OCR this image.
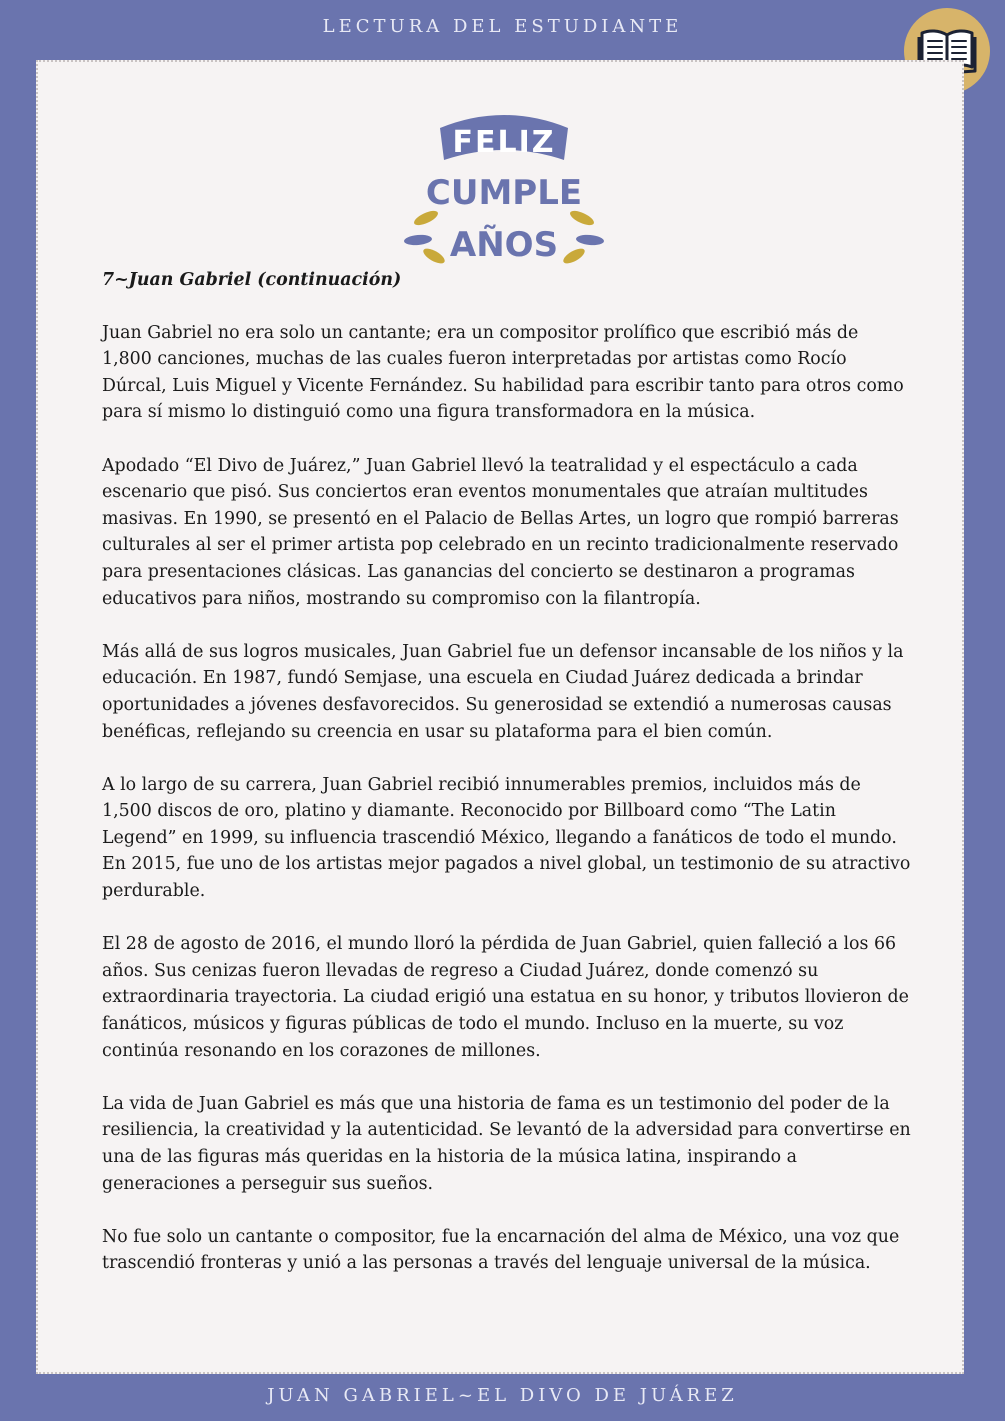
LECTURA DEL ESTUDIANTE
FELIZ
CUMPLE
AÑOS
7~Juan Gabriel (continuación)

Juan Gabriel no era solo un cantante; era un compositor prolífico que escribió más de 1,800 canciones, muchas de las cuales fueron interpretadas por artistas como Rocío Dúrcal, Luis Miguel y Vicente Fernández. Su habilidad para escribir tanto para otros como para sí mismo lo distinguió como una figura transformadora en la música.

Apodado “El Divo de Juárez,” Juan Gabriel llevó la teatralidad y el espectáculo a cada escenario que pisó. Sus conciertos eran eventos monumentales que atraían multitudes masivas. En 1990, se presentó en el Palacio de Bellas Artes, un logro que rompió barreras culturales al ser el primer artista pop celebrado en un recinto tradicionalmente reservado para presentaciones clásicas. Las ganancias del concierto se destinaron a programas educativos para niños, mostrando su compromiso con la filantropía.

Más allá de sus logros musicales, Juan Gabriel fue un defensor incansable de los niños y la educación. En 1987, fundó Semjase, una escuela en Ciudad Juárez dedicada a brindar oportunidades a jóvenes desfavorecidos. Su generosidad se extendió a numerosas causas benéficas, reflejando su creencia en usar su plataforma para el bien común.

A lo largo de su carrera, Juan Gabriel recibió innumerables premios, incluidos más de 1,500 discos de oro, platino y diamante. Reconocido por Billboard como “The Latin Legend” en 1999, su influencia trascendió México, llegando a fanáticos de todo el mundo. En 2015, fue uno de los artistas mejor pagados a nivel global, un testimonio de su atractivo perdurable.

El 28 de agosto de 2016, el mundo lloró la pérdida de Juan Gabriel, quien falleció a los 66 años. Sus cenizas fueron llevadas de regreso a Ciudad Juárez, donde comenzó su extraordinaria trayectoria. La ciudad erigió una estatua en su honor, y tributos llovieron de fanáticos, músicos y figuras públicas de todo el mundo. Incluso en la muerte, su voz continúa resonando en los corazones de millones.

La vida de Juan Gabriel es más que una historia de fama es un testimonio del poder de la resiliencia, la creatividad y la autenticidad. Se levantó de la adversidad para convertirse en una de las figuras más queridas en la historia de la música latina, inspirando a generaciones a perseguir sus sueños.

No fue solo un cantante o compositor, fue la encarnación del alma de México, una voz que trascendió fronteras y unió a las personas a través del lenguaje universal de la música.

JUAN GABRIEL~EL DIVO DE JUÁREZ
